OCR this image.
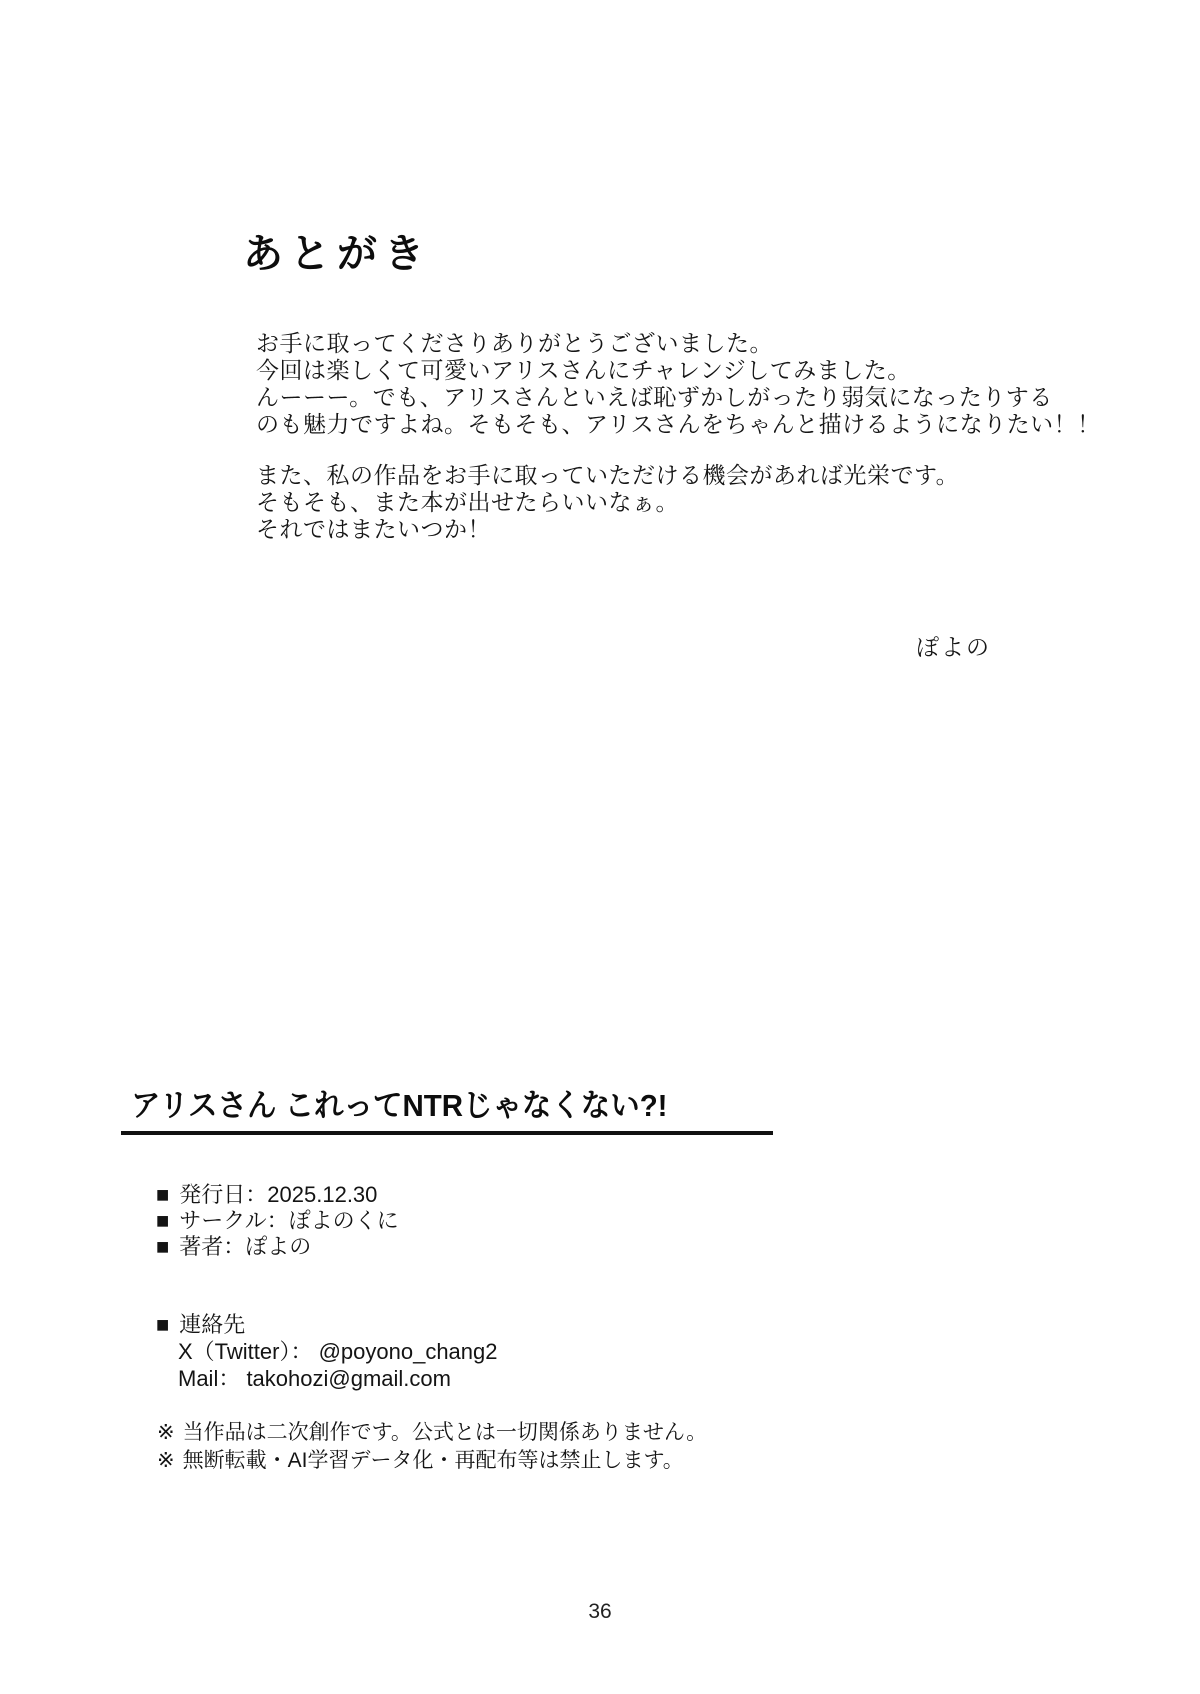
あとがき

お手に取ってくださりありがとうございました。

今回は楽しくて可愛いアリスさんにチャレンジしてみました。

んーーー。でも、アリスさんといえば恥ずかしがったり弱気になったりする

のも魅力ですよね。そもそも、アリスさんをちゃんと描けるようになりたい！！

また、私の作品をお手に取っていただける機会があれば光栄です。

そもそも、また本が出せたらいいなぁ。

それではまたいつか！

ぽよの
アリスさん これってNTRじゃなくない?!
■ 発行日：2025.12.30
■ サークル：ぽよのくに
■ 著者：ぽよの
■ 連絡先
X（Twitter）： @poyono_chang2
Mail： takohozi@gmail.com
※ 当作品は二次創作です。公式とは一切関係ありません。
※ 無断転載・AI学習データ化・再配布等は禁止します。
36
